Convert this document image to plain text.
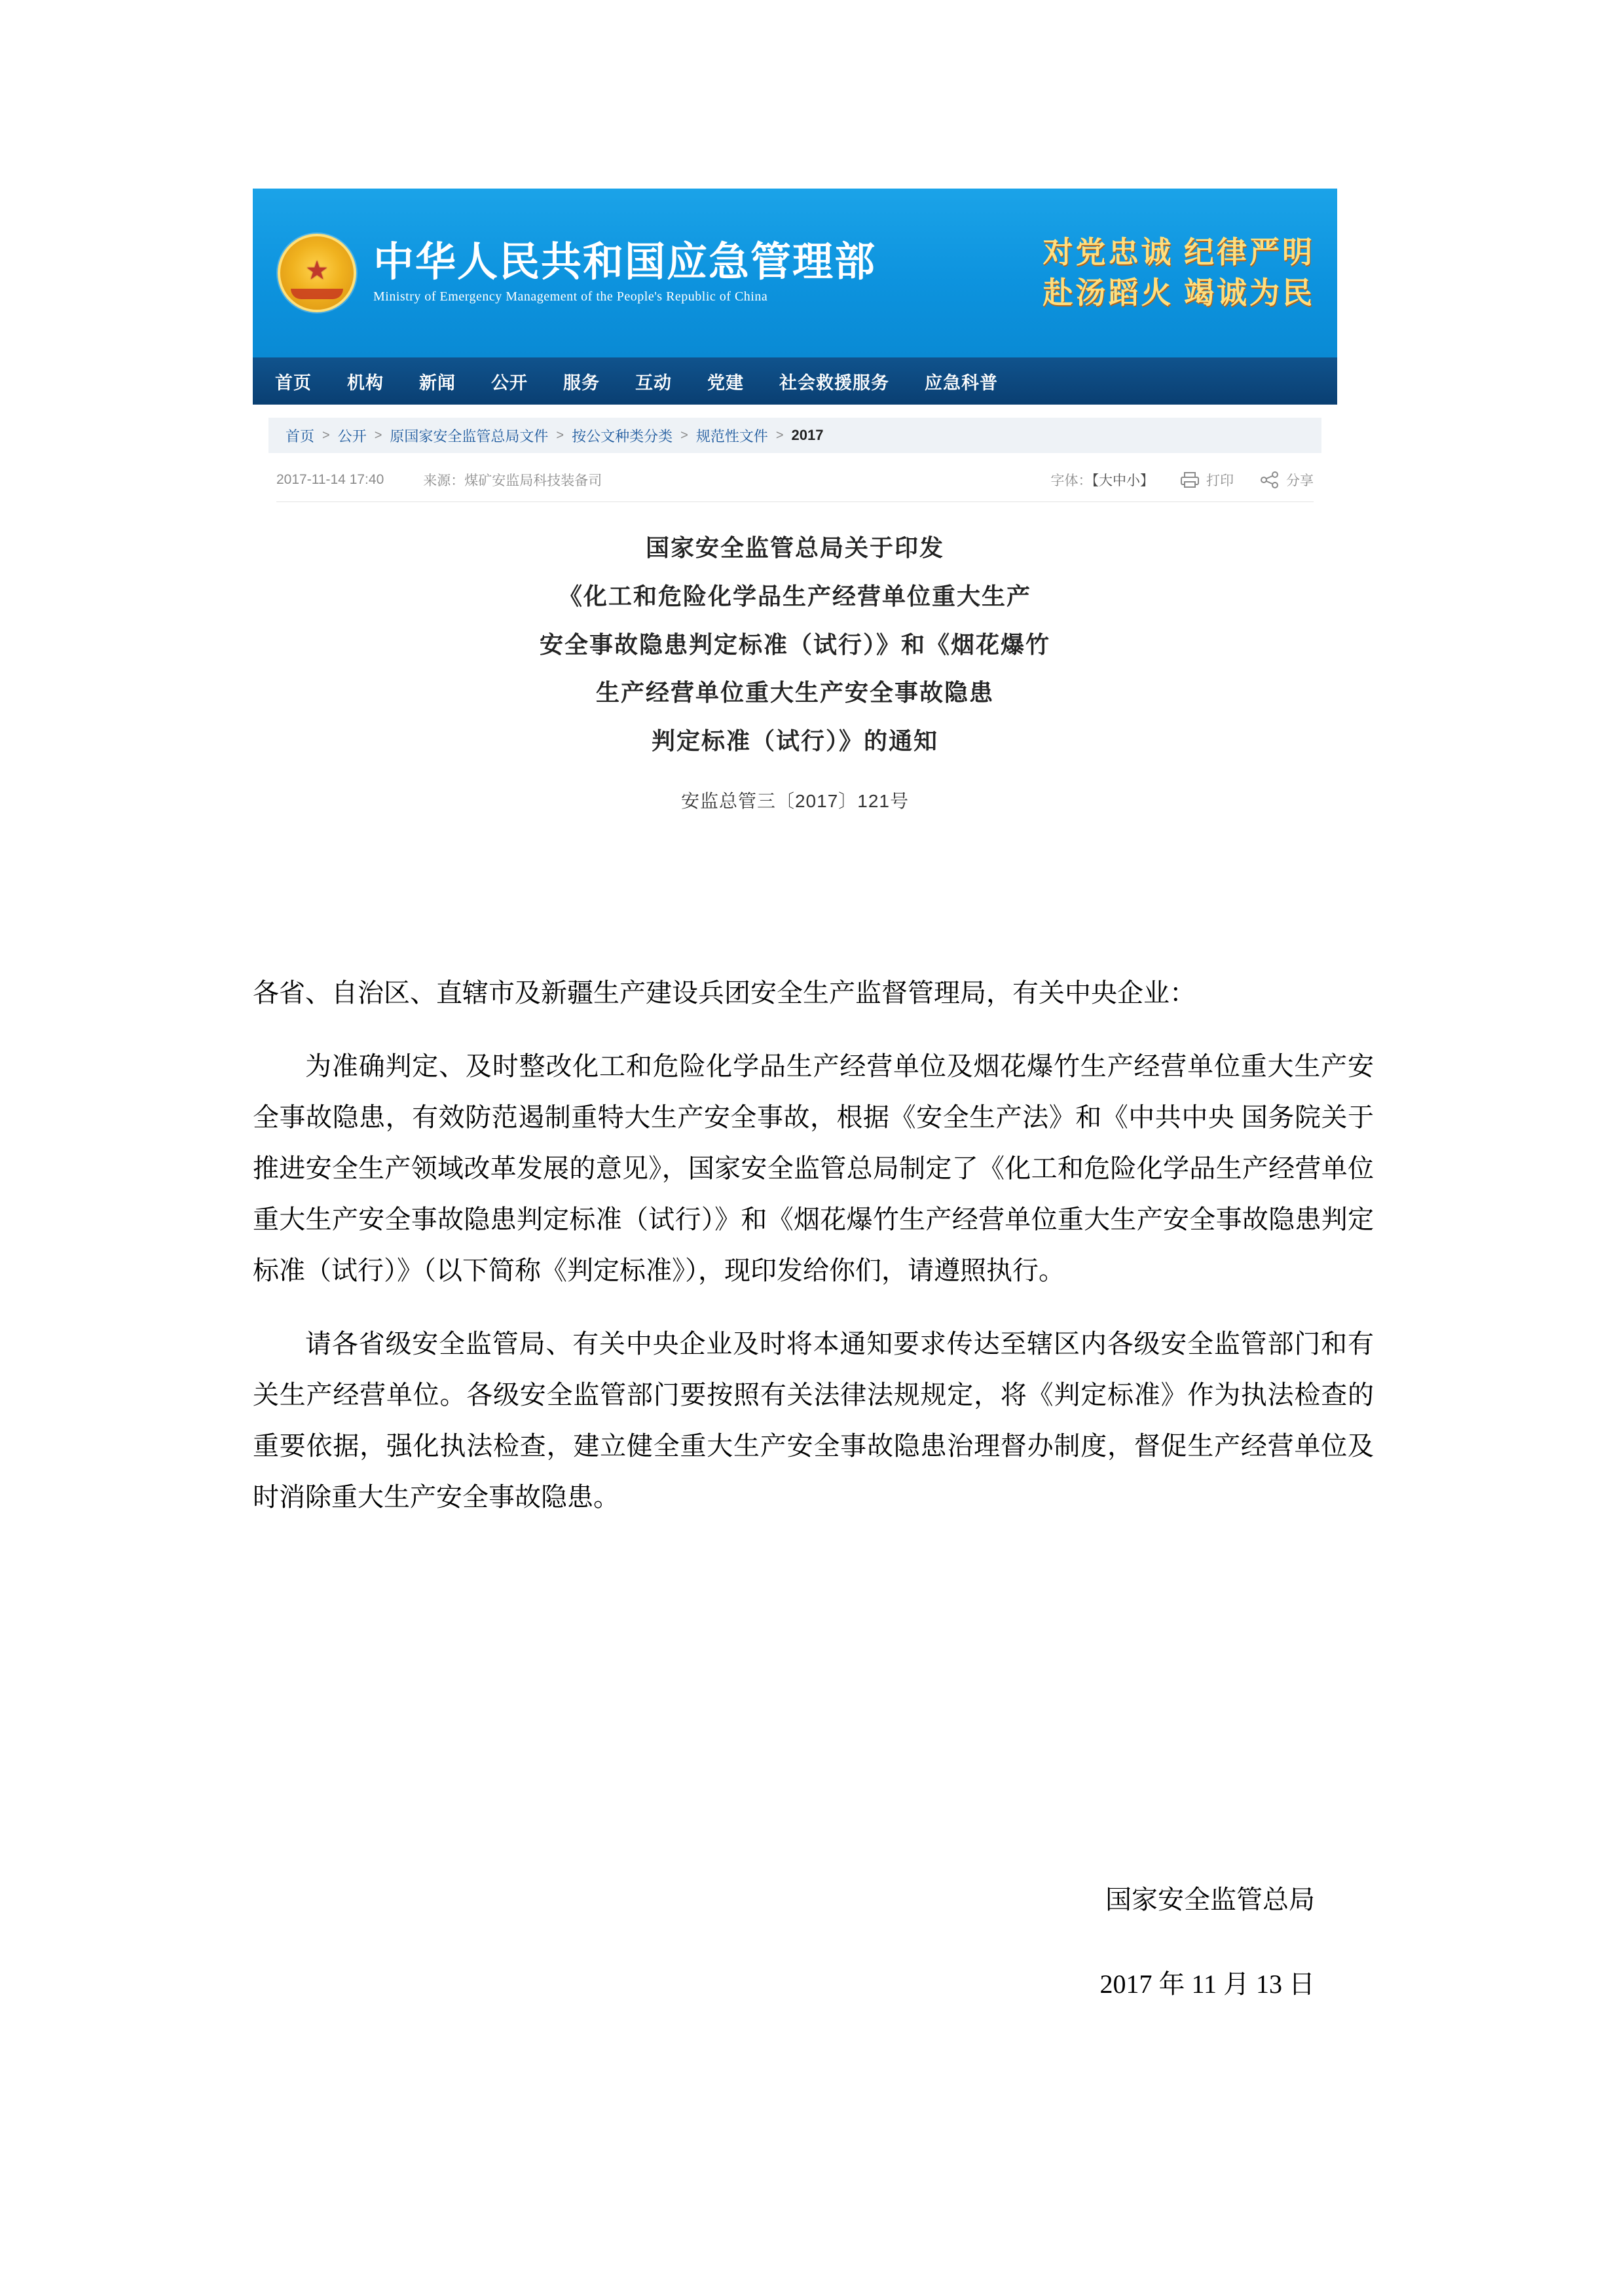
★
中华人民共和国应急管理部
Ministry of Emergency Management of the People's Republic of China
对党忠诚 纪律严明
赴汤蹈火 竭诚为民
首页 机构 新闻 公开 服务 互动 党建 社会救援服务 应急科普
首页 > 公开 > 原国家安全监管总局文件 > 按公文种类分类 > 规范性文件 > 2017
2017-11-14 17:40	来源：煤矿安监局科技装备司	字体：【大中小】	打印	分享
国家安全监管总局关于印发
《化工和危险化学品生产经营单位重大生产
安全事故隐患判定标准（试行）》和《烟花爆竹
生产经营单位重大生产安全事故隐患
判定标准（试行）》的通知
安监总管三〔2017〕121号

各省、自治区、直辖市及新疆生产建设兵团安全生产监督管理局，有关中央企业：

为准确判定、及时整改化工和危险化学品生产经营单位及烟花爆竹生产经营单位重大生产安全事故隐患，有效防范遏制重特大生产安全事故，根据《安全生产法》和《中共中央 国务院关于推进安全生产领域改革发展的意见》，国家安全监管总局制定了《化工和危险化学品生产经营单位重大生产安全事故隐患判定标准（试行）》和《烟花爆竹生产经营单位重大生产安全事故隐患判定标准（试行）》（以下简称《判定标准》），现印发给你们，请遵照执行。

请各省级安全监管局、有关中央企业及时将本通知要求传达至辖区内各级安全监管部门和有关生产经营单位。各级安全监管部门要按照有关法律法规规定，将《判定标准》作为执法检查的重要依据，强化执法检查，建立健全重大生产安全事故隐患治理督办制度，督促生产经营单位及时消除重大生产安全事故隐患。

国家安全监管总局
2017 年 11 月 13 日
